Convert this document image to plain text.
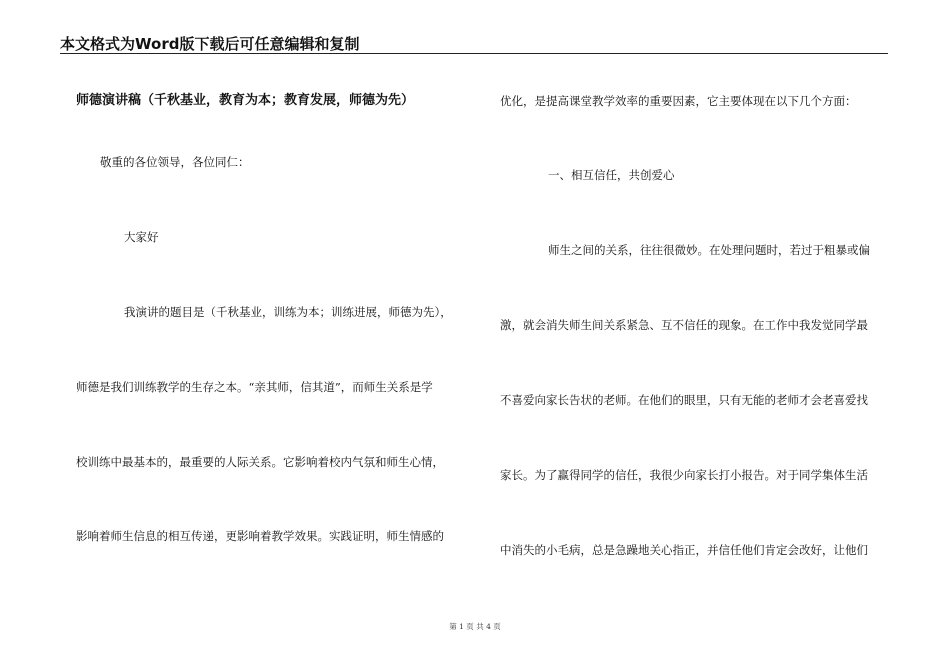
本文格式为Word版下载后可任意编辑和复制
师德演讲稿（千秋基业，教育为本；教育发展，师德为先）
敬重的各位领导，各位同仁：
大家好
我演讲的题目是（千秋基业，训练为本；训练进展，师德为先），
师德是我们训练教学的生存之本。“亲其师，信其道”，而师生关系是学
校训练中最基本的，最重要的人际关系。它影响着校内气氛和师生心情，
影响着师生信息的相互传递，更影响着教学效果。实践证明，师生情感的
优化，是提高课堂教学效率的重要因素，它主要体现在以下几个方面：
一、相互信任，共创爱心
师生之间的关系，往往很微妙。在处理问题时，若过于粗暴或偏
激，就会消失师生间关系紧急、互不信任的现象。在工作中我发觉同学最
不喜爱向家长告状的老师。在他们的眼里，只有无能的老师才会老喜爱找
家长。为了赢得同学的信任，我很少向家长打小报告。对于同学集体生活
中消失的小毛病，总是急躁地关心指正，并信任他们肯定会改好，让他们
第 1 页 共 4 页
